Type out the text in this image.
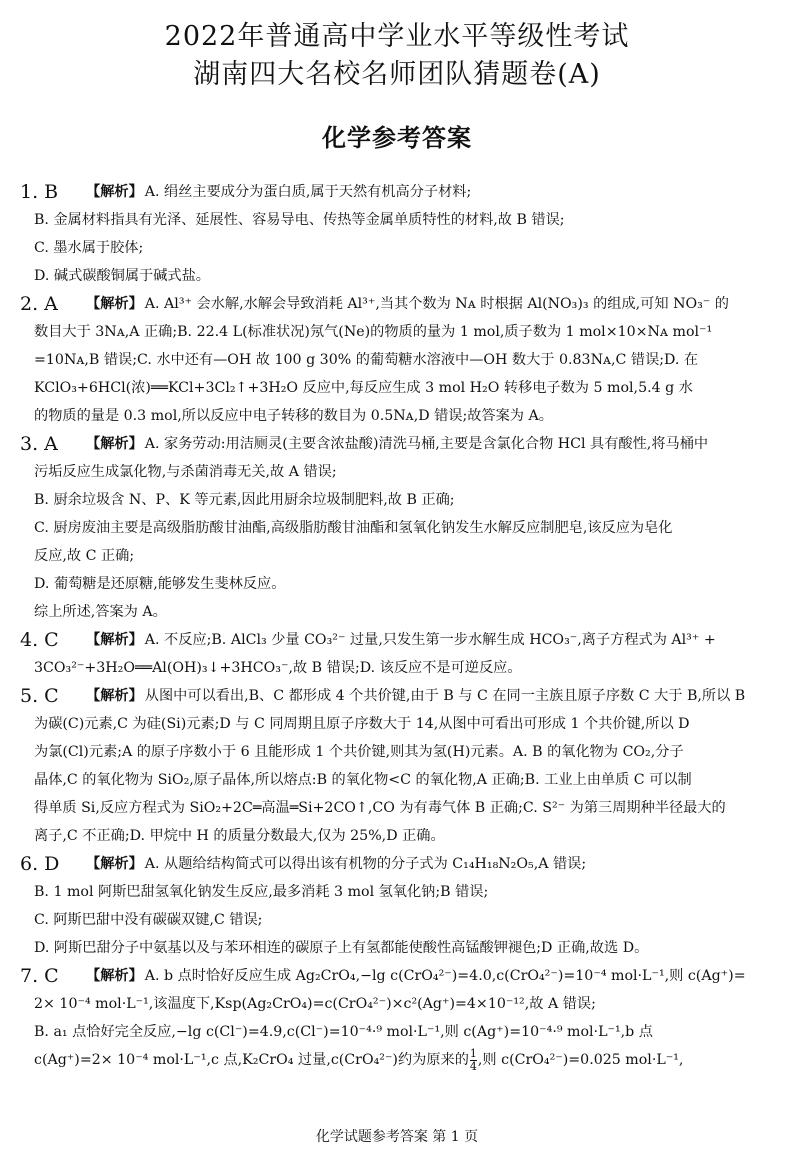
2022年普通高中学业水平等级性考试
湖南四大名校名师团队猜题卷(A)
化学参考答案
1. B	【解析】 A. 绢丝主要成分为蛋白质,属于天然有机高分子材料;
B. 金属材料指具有光泽、延展性、容易导电、传热等金属单质特性的材料,故 B 错误;
C. 墨水属于胶体;
D. 碱式碳酸铜属于碱式盐。
2. A	【解析】 A. Al³⁺ 会水解,水解会导致消耗 Al³⁺,当其个数为 Nᴀ 时根据 Al(NO₃)₃ 的组成,可知 NO₃⁻ 的
数目大于 3Nᴀ,A 正确;B. 22.4 L(标准状况)氖气(Ne)的物质的量为 1 mol,质子数为 1 mol×10×Nᴀ mol⁻¹
=10Nᴀ,B 错误;C. 水中还有—OH 故 100 g 30% 的葡萄糖水溶液中—OH 数大于 0.83Nᴀ,C 错误;D. 在
KClO₃+6HCl(浓)══KCl+3Cl₂↑+3H₂O 反应中,每反应生成 3 mol H₂O 转移电子数为 5 mol,5.4 g 水
的物质的量是 0.3 mol,所以反应中电子转移的数目为 0.5Nᴀ,D 错误;故答案为 A。
3. A	【解析】 A. 家务劳动:用洁厕灵(主要含浓盐酸)清洗马桶,主要是含氯化合物 HCl 具有酸性,将马桶中
污垢反应生成氯化物,与杀菌消毒无关,故 A 错误;
B. 厨余垃圾含 N、P、K 等元素,因此用厨余垃圾制肥料,故 B 正确;
C. 厨房废油主要是高级脂肪酸甘油酯,高级脂肪酸甘油酯和氢氧化钠发生水解反应制肥皂,该反应为皂化
反应,故 C 正确;
D. 葡萄糖是还原糖,能够发生斐林反应。
综上所述,答案为 A。
4. C	【解析】 A. 不反应;B. AlCl₃ 少量 CO₃²⁻ 过量,只发生第一步水解生成 HCO₃⁻,离子方程式为 Al³⁺ +
3CO₃²⁻+3H₂O══Al(OH)₃↓+3HCO₃⁻,故 B 错误;D. 该反应不是可逆反应。
5. C	【解析】 从图中可以看出,B、C 都形成 4 个共价键,由于 B 与 C 在同一主族且原子序数 C 大于 B,所以 B
为碳(C)元素,C 为硅(Si)元素;D 与 C 同周期且原子序数大于 14,从图中可看出可形成 1 个共价键,所以 D
为氯(Cl)元素;A 的原子序数小于 6 且能形成 1 个共价键,则其为氢(H)元素。A. B 的氧化物为 CO₂,分子
晶体,C 的氧化物为 SiO₂,原子晶体,所以熔点:B 的氧化物<C 的氧化物,A 正确;B. 工业上由单质 C 可以制
得单质 Si,反应方程式为 SiO₂+2C═高温═Si+2CO↑,CO 为有毒气体 B 正确;C. S²⁻ 为第三周期种半径最大的
离子,C 不正确;D. 甲烷中 H 的质量分数最大,仅为 25%,D 正确。
6. D	【解析】 A. 从题给结构简式可以得出该有机物的分子式为 C₁₄H₁₈N₂O₅,A 错误;
B. 1 mol 阿斯巴甜氢氧化钠发生反应,最多消耗 3 mol 氢氧化钠;B 错误;
C. 阿斯巴甜中没有碳碳双键,C 错误;
D. 阿斯巴甜分子中氨基以及与苯环相连的碳原子上有氢都能使酸性高锰酸钾褪色;D 正确,故选 D。
7. C	【解析】 A. b 点时恰好反应生成 Ag₂CrO₄,−lg c(CrO₄²⁻)=4.0,c(CrO₄²⁻)=10⁻⁴ mol·L⁻¹,则 c(Ag⁺)=
2× 10⁻⁴ mol·L⁻¹,该温度下,Ksp(Ag₂CrO₄)=c(CrO₄²⁻)×c²(Ag⁺)=4×10⁻¹²,故 A 错误;
B. a₁ 点恰好完全反应,−lg c(Cl⁻)=4.9,c(Cl⁻)=10⁻⁴·⁹ mol·L⁻¹,则 c(Ag⁺)=10⁻⁴·⁹ mol·L⁻¹,b 点
c(Ag⁺)=2× 10⁻⁴ mol·L⁻¹,c 点,K₂CrO₄ 过量,c(CrO₄²⁻)约为原来的 $\frac{1}{4}$ ,则 c(CrO₄²⁻)=0.025 mol·L⁻¹,
化学试题参考答案 第 1 页
